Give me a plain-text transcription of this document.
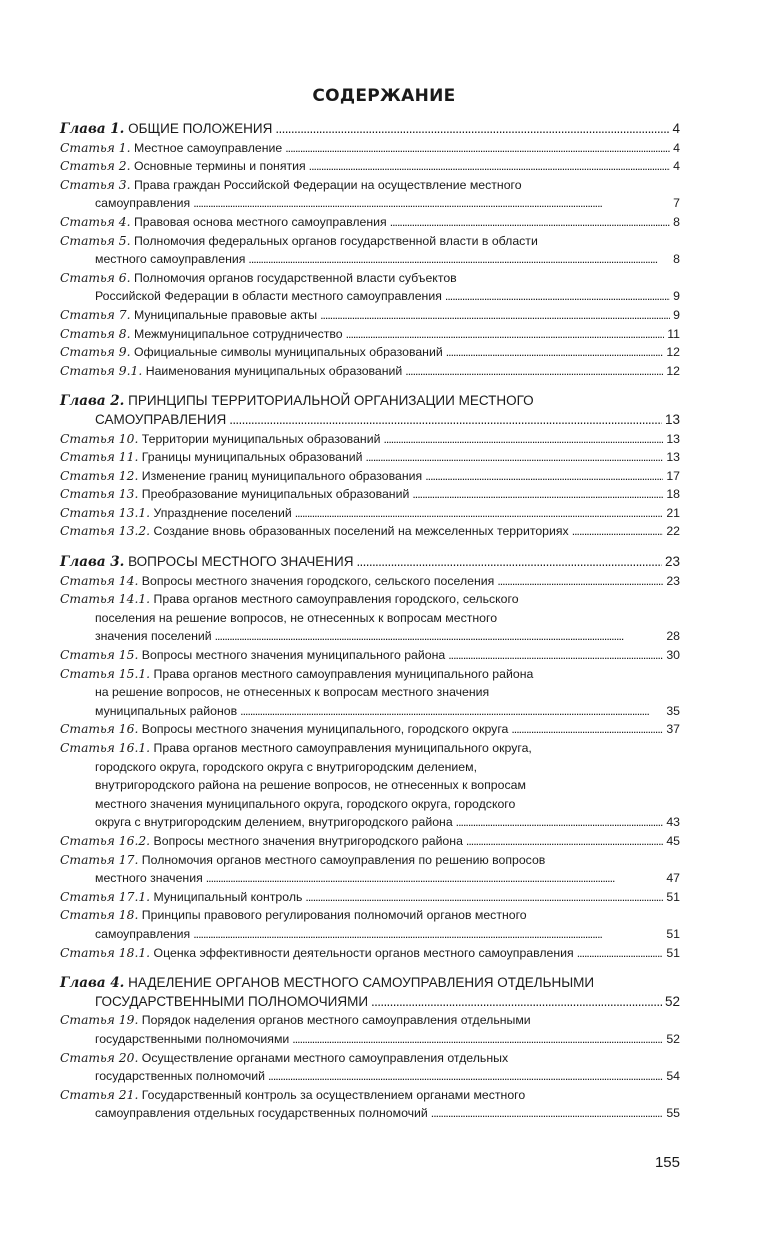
СОДЕРЖАНИЕ
Глава 1. ОБЩИЕ ПОЛОЖЕНИЯ . . .	4
Статья 1. Местное самоуправление . . .	4
Статья 2. Основные термины и понятия . . .	4
Статья 3. Права граждан Российской Федерации на осуществление местного
самоуправления . . .	7
Статья 4. Правовая основа местного самоуправления . . .	8
Статья 5. Полномочия федеральных органов государственной власти в области
местного самоуправления . . .	8
Статья 6. Полномочия органов государственной власти субъектов
Российской Федерации в области местного самоуправления . . .	9
Статья 7. Муниципальные правовые акты . . .	9
Статья 8. Межмуниципальное сотрудничество . . .	11
Статья 9. Официальные символы муниципальных образований . . .	12
Статья 9.1. Наименования муниципальных образований . . .	12
Глава 2. ПРИНЦИПЫ ТЕРРИТОРИАЛЬНОЙ ОРГАНИЗАЦИИ МЕСТНОГО
САМОУПРАВЛЕНИЯ . . .	13
Статья 10. Территории муниципальных образований . . .	13
Статья 11. Границы муниципальных образований . . .	13
Статья 12. Изменение границ муниципального образования . . .	17
Статья 13. Преобразование муниципальных образований . . .	18
Статья 13.1. Упразднение поселений . . .	21
Статья 13.2. Создание вновь образованных поселений на межселенных территориях . . .	22
Глава 3. ВОПРОСЫ МЕСТНОГО ЗНАЧЕНИЯ . . .	23
Статья 14. Вопросы местного значения городского, сельского поселения . . .	23
Статья 14.1. Права органов местного самоуправления городского, сельского
поселения на решение вопросов, не отнесенных к вопросам местного
значения поселений . . .	28
Статья 15. Вопросы местного значения муниципального района . . .	30
Статья 15.1. Права органов местного самоуправления муниципального района
на решение вопросов, не отнесенных к вопросам местного значения
муниципальных районов . . .	35
Статья 16. Вопросы местного значения муниципального, городского округа . . .	37
Статья 16.1. Права органов местного самоуправления муниципального округа,
городского округа, городского округа с внутригородским делением,
внутригородского района на решение вопросов, не отнесенных к вопросам
местного значения муниципального округа, городского округа, городского
округа с внутригородским делением, внутригородского района . . .	43
Статья 16.2. Вопросы местного значения внутригородского района . . .	45
Статья 17. Полномочия органов местного самоуправления по решению вопросов
местного значения . . .	47
Статья 17.1. Муниципальный контроль . . .	51
Статья 18. Принципы правового регулирования полномочий органов местного
самоуправления . . .	51
Статья 18.1. Оценка эффективности деятельности органов местного самоуправления . . .	51
Глава 4. НАДЕЛЕНИЕ ОРГАНОВ МЕСТНОГО САМОУПРАВЛЕНИЯ ОТДЕЛЬНЫМИ
ГОСУДАРСТВЕННЫМИ ПОЛНОМОЧИЯМИ . . .	52
Статья 19. Порядок наделения органов местного самоуправления отдельными
государственными полномочиями . . .	52
Статья 20. Осуществление органами местного самоуправления отдельных
государственных полномочий . . .	54
Статья 21. Государственный контроль за осуществлением органами местного
самоуправления отдельных государственных полномочий . . .	55
155
